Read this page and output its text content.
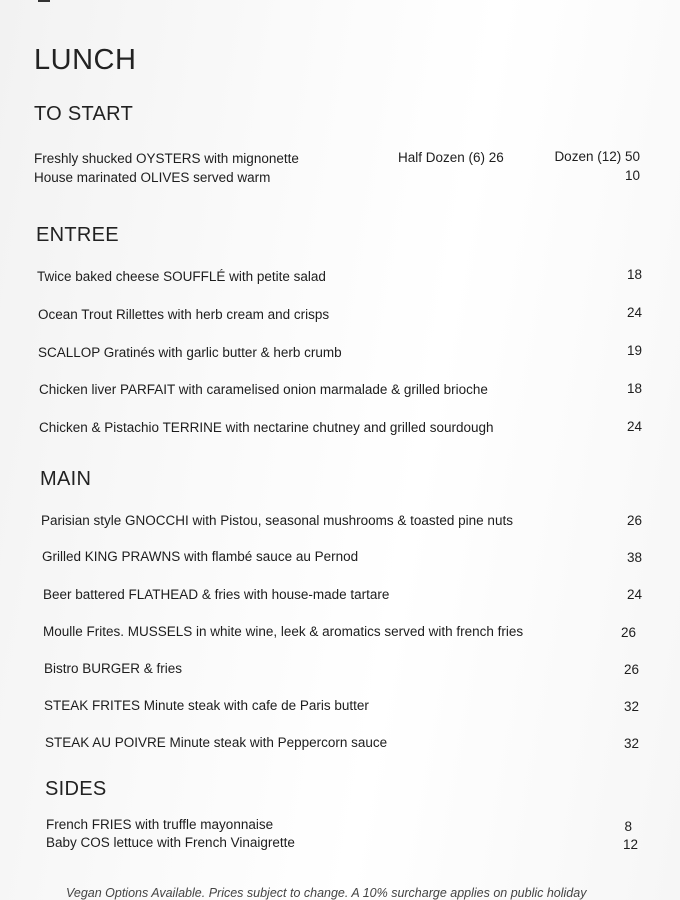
LUNCH
TO START
Freshly shucked OYSTERS with mignonette	Half Dozen (6) 26	Dozen (12) 50
House marinated OLIVES served warm	10
ENTREE
Twice baked cheese SOUFFLÉ with petite salad	18
Ocean Trout Rillettes with herb cream and crisps	24
SCALLOP Gratinés with garlic butter & herb crumb	19
Chicken liver PARFAIT with caramelised onion marmalade & grilled brioche	18
Chicken & Pistachio TERRINE with nectarine chutney and grilled sourdough	24
MAIN
Parisian style GNOCCHI with Pistou, seasonal mushrooms & toasted pine nuts	26
Grilled KING PRAWNS with flambé sauce au Pernod	38
Beer battered FLATHEAD & fries with house-made tartare	24
Moulle Frites. MUSSELS in white wine, leek & aromatics served with french fries	26
Bistro BURGER & fries	26
STEAK FRITES Minute steak with cafe de Paris butter	32
STEAK AU POIVRE Minute steak with Peppercorn sauce	32
SIDES
French FRIES with truffle mayonnaise	8
Baby COS lettuce with French Vinaigrette	12
Vegan Options Available. Prices subject to change. A 10% surcharge applies on public holiday
